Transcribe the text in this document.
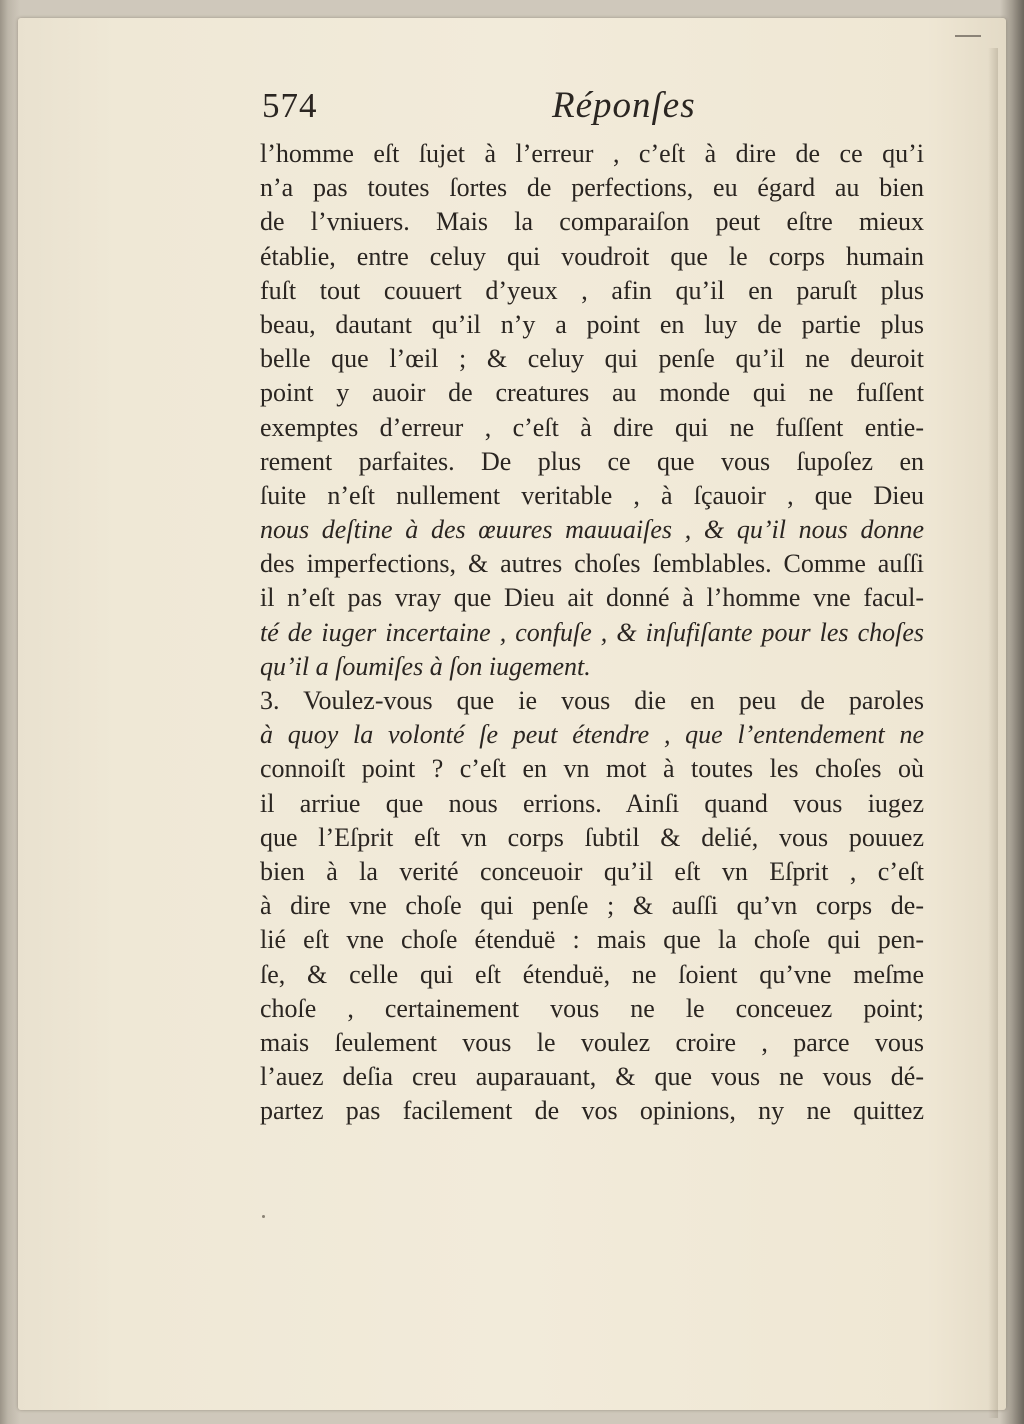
574	Réponſes
l’homme eſt ſujet à l’erreur , c’eſt à dire de ce qu’i
n’a pas toutes ſortes de perfections, eu égard au bien
de l’vniuers. Mais la comparaiſon peut eſtre mieux
établie, entre celuy qui voudroit que le corps humain
fuſt tout couuert d’yeux , afin qu’il en paruſt plus
beau, dautant qu’il n’y a point en luy de partie plus
belle que l’œil ; & celuy qui penſe qu’il ne deuroit
point y auoir de creatures au monde qui ne fuſſent
exemptes d’erreur , c’eſt à dire qui ne fuſſent entie-
rement parfaites. De plus ce que vous ſupoſez en
ſuite n’eſt nullement veritable , à ſçauoir , que Dieu
nous deſtine à des œuures mauuaiſes , & qu’il nous donne
des imperfections, & autres choſes ſemblables. Comme auſſi
il n’eſt pas vray que Dieu ait donné à l’homme vne facul-
té de iuger incertaine , confuſe , & inſufiſante pour les choſes
qu’il a ſoumiſes à ſon iugement.
3. Voulez-vous que ie vous die en peu de paroles
à quoy la volonté ſe peut étendre , que l’entendement ne
connoiſt point ? c’eſt en vn mot à toutes les choſes où
il arriue que nous errions. Ainſi quand vous iugez
que l’Eſprit eſt vn corps ſubtil & delié, vous pouuez
bien à la verité conceuoir qu’il eſt vn Eſprit , c’eſt
à dire vne choſe qui penſe ; & auſſi qu’vn corps de-
lié eſt vne choſe étenduë : mais que la choſe qui pen-
ſe, & celle qui eſt étenduë, ne ſoient qu’vne meſme
choſe , certainement vous ne le conceuez point;
mais ſeulement vous le voulez croire , parce vous
l’auez deſia creu auparauant, & que vous ne vous dé-
partez pas facilement de vos opinions, ny ne quittez
